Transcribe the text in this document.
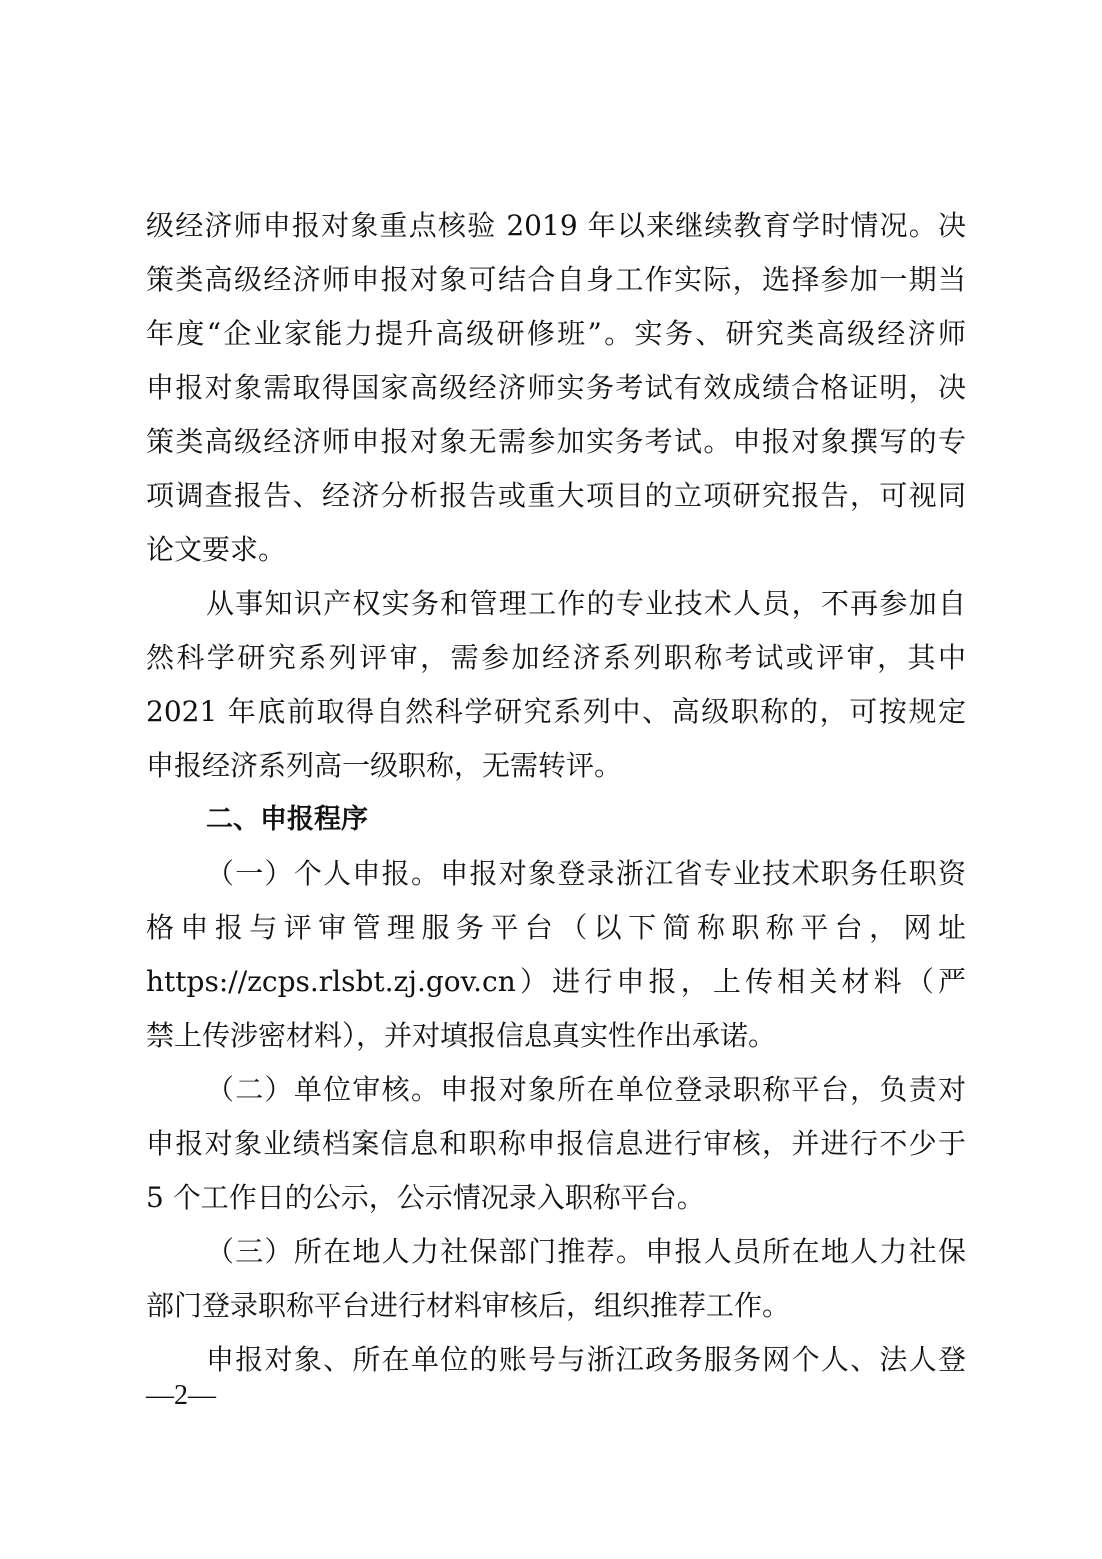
级经济师申报对象重点核验 2019 年以来继续教育学时情况。决
策类高级经济师申报对象可结合自身工作实际，选择参加一期当
年度“企业家能力提升高级研修班”。实务、研究类高级经济师
申报对象需取得国家高级经济师实务考试有效成绩合格证明，决
策类高级经济师申报对象无需参加实务考试。申报对象撰写的专
项调查报告、经济分析报告或重大项目的立项研究报告，可视同
论文要求。
从事知识产权实务和管理工作的专业技术人员，不再参加自
然科学研究系列评审，需参加经济系列职称考试或评审，其中
2021 年底前取得自然科学研究系列中、高级职称的，可按规定
申报经济系列高一级职称，无需转评。
二、申报程序
（一）个人申报。申报对象登录浙江省专业技术职务任职资
格申报与评审管理服务平台（以下简称职称平台，网址
https://zcps.rlsbt.zj.gov.cn）进行申报，上传相关材料（严
禁上传涉密材料），并对填报信息真实性作出承诺。
（二）单位审核。申报对象所在单位登录职称平台，负责对
申报对象业绩档案信息和职称申报信息进行审核，并进行不少于
5 个工作日的公示，公示情况录入职称平台。
（三）所在地人力社保部门推荐。申报人员所在地人力社保
部门登录职称平台进行材料审核后，组织推荐工作。
申报对象、所在单位的账号与浙江政务服务网个人、法人登
—2—
